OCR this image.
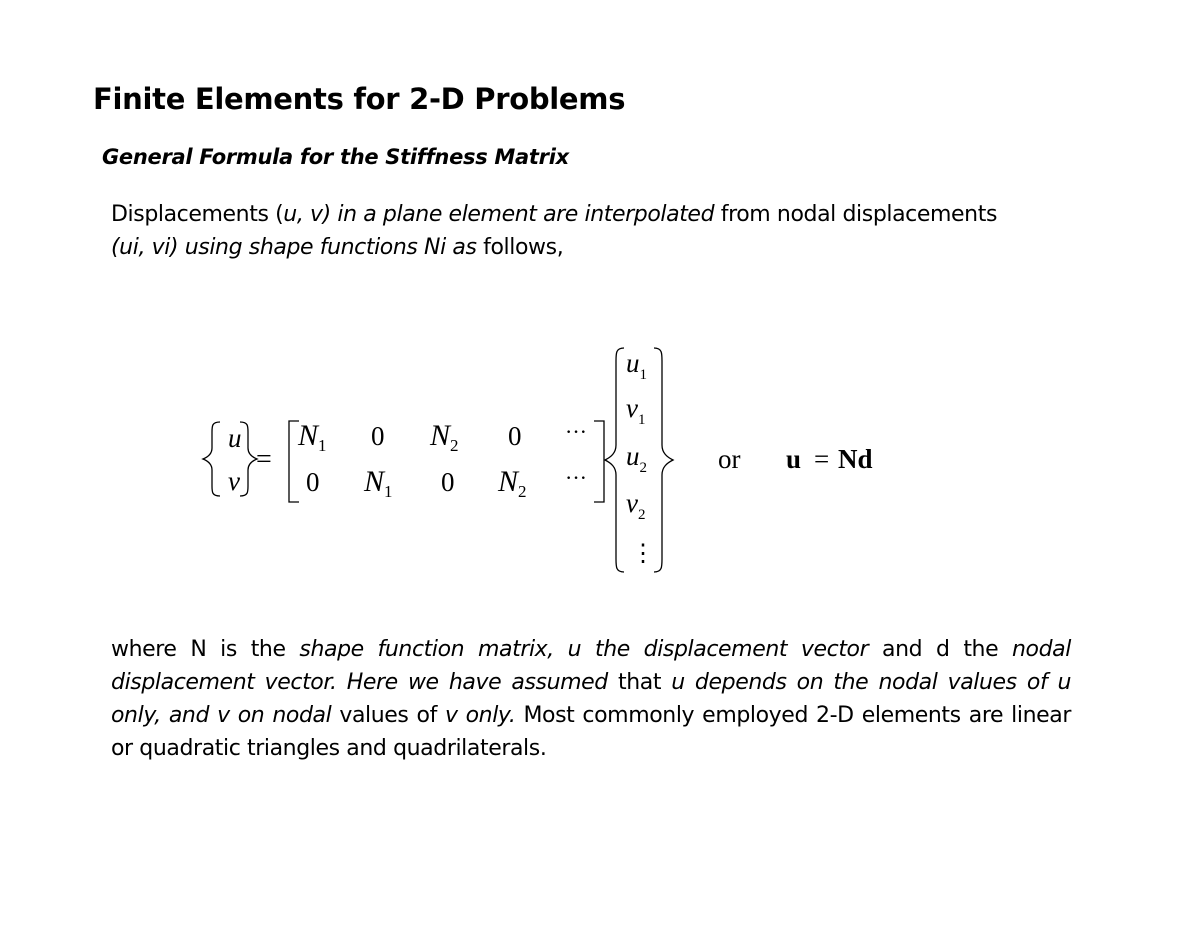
Finite Elements for 2-D Problems
General Formula for the Stiffness Matrix

Displacements (u, v) in a plane element are interpolated from nodal displacements
(ui, vi) using shape functions Ni as follows,

u
v
=
$N_1$ 0 $N_2$ 0 ···
0 $N_1$ 0 $N_2$
···
$u_1$
$v_1$
$u_2$
$v_2$
⋮
or u = Nd

where N is the shape function matrix, u the displacement vector and d the nodal displacement vector. Here we have assumed that u depends on the nodal values of u only, and v on nodal values of v only. Most commonly employed 2-D elements are linear or quadratic triangles and quadrilaterals.
